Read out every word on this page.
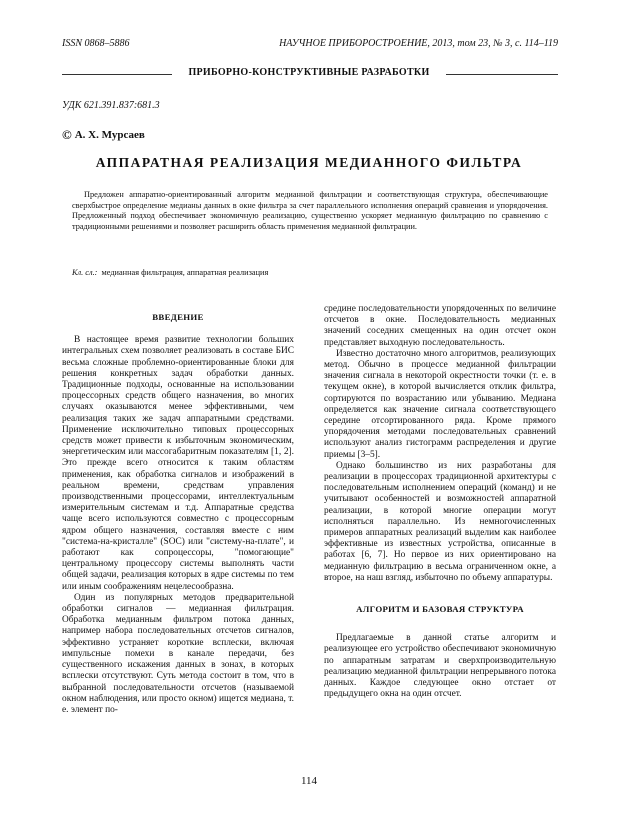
ISSN 0868–5886	НАУЧНОЕ ПРИБОРОСТРОЕНИЕ, 2013, том 23, № 3, с. 114–119
ПРИБОРНО-КОНСТРУКТИВНЫЕ РАЗРАБОТКИ
УДК 621.391.837:681.3
© А. Х. Мурсаев
АППАРАТНАЯ РЕАЛИЗАЦИЯ МЕДИАННОГО ФИЛЬТРА
Предложен аппаратно-ориентированный алгоритм медианной фильтрации и соответствующая структура, обеспечивающие сверхбыстрое определение медианы данных в окне фильтра за счет параллельного исполнения операций сравнения и упорядочения. Предложенный подход обеспечивает экономичную реализацию, существенно ускоряет медианную фильтрацию по сравнению с традиционными решениями и позволяет расширить область применения медианной фильтрации.
Кл. сл.: медианная фильтрация, аппаратная реализация
ВВЕДЕНИЕ

В настоящее время развитие технологии больших интегральных схем позволяет реализовать в составе БИС весьма сложные проблемно-ориентированные блоки для решения конкретных задач обработки данных. Традиционные подходы, основанные на использовании процессорных средств общего назначения, во многих случаях оказываются менее эффективными, чем реализация таких же задач аппаратными средствами. Применение исключительно типовых процессорных средств может привести к избыточным экономическим, энергетическим или массогабаритным показателям [1, 2]. Это прежде всего относится к таким областям применения, как обработка сигналов и изображений в реальном времени, средствам управления производственными процессорами, интеллектуальным измерительным системам и т.д. Аппаратные средства чаще всего используются совместно с процессорным ядром общего назначения, составляя вместе с ним "система-на-кристалле" (SOC) или "систему-на-плате", и работают как сопроцессоры, "помогающие" центральному процессору системы выполнять части общей задачи, реализация которых в ядре системы по тем или иным соображениям нецелесообразна.

Один из популярных методов предварительной обработки сигналов — медианная фильтрация. Обработка медианным фильтром потока данных, например набора последовательных отсчетов сигналов, эффективно устраняет короткие всплески, включая импульсные помехи в канале передачи, без существенного искажения данных в зонах, в которых всплески отсутствуют. Суть метода состоит в том, что в выбранной последовательности отсчетов (называемой окном наблюдения, или просто окном) ищется медиана, т. е. элемент по-

средине последовательности упорядоченных по величине отсчетов в окне. Последовательность медианных значений соседних смещенных на один отсчет окон представляет выходную последовательность.

Известно достаточно много алгоритмов, реализующих метод. Обычно в процессе медианной фильтрации значения сигнала в некоторой окрестности точки (т. е. в текущем окне), в которой вычисляется отклик фильтра, сортируются по возрастанию или убыванию. Медиана определяется как значение сигнала соответствующего середине отсортированного ряда. Кроме прямого упорядочения методами последовательных сравнений используют анализ гистограмм распределения и другие приемы [3–5].

Однако большинство из них разработаны для реализации в процессорах традиционной архитектуры с последовательным исполнением операций (команд) и не учитывают особенностей и возможностей аппаратной реализации, в которой многие операции могут исполняться параллельно. Из немногочисленных примеров аппаратных реализаций выделим как наиболее эффективные из известных устройства, описанные в работах [6, 7]. Но первое из них ориентировано на медианную фильтрацию в весьма ограниченном окне, а второе, на наш взгляд, избыточно по объему аппаратуры.

АЛГОРИТМ И БАЗОВАЯ СТРУКТУРА

Предлагаемые в данной статье алгоритм и реализующее его устройство обеспечивают экономичную по аппаратным затратам и сверхпроизводительную реализацию медианной фильтрации непрерывного потока данных. Каждое следующее окно отстает от предыдущего окна на один отсчет.

114
